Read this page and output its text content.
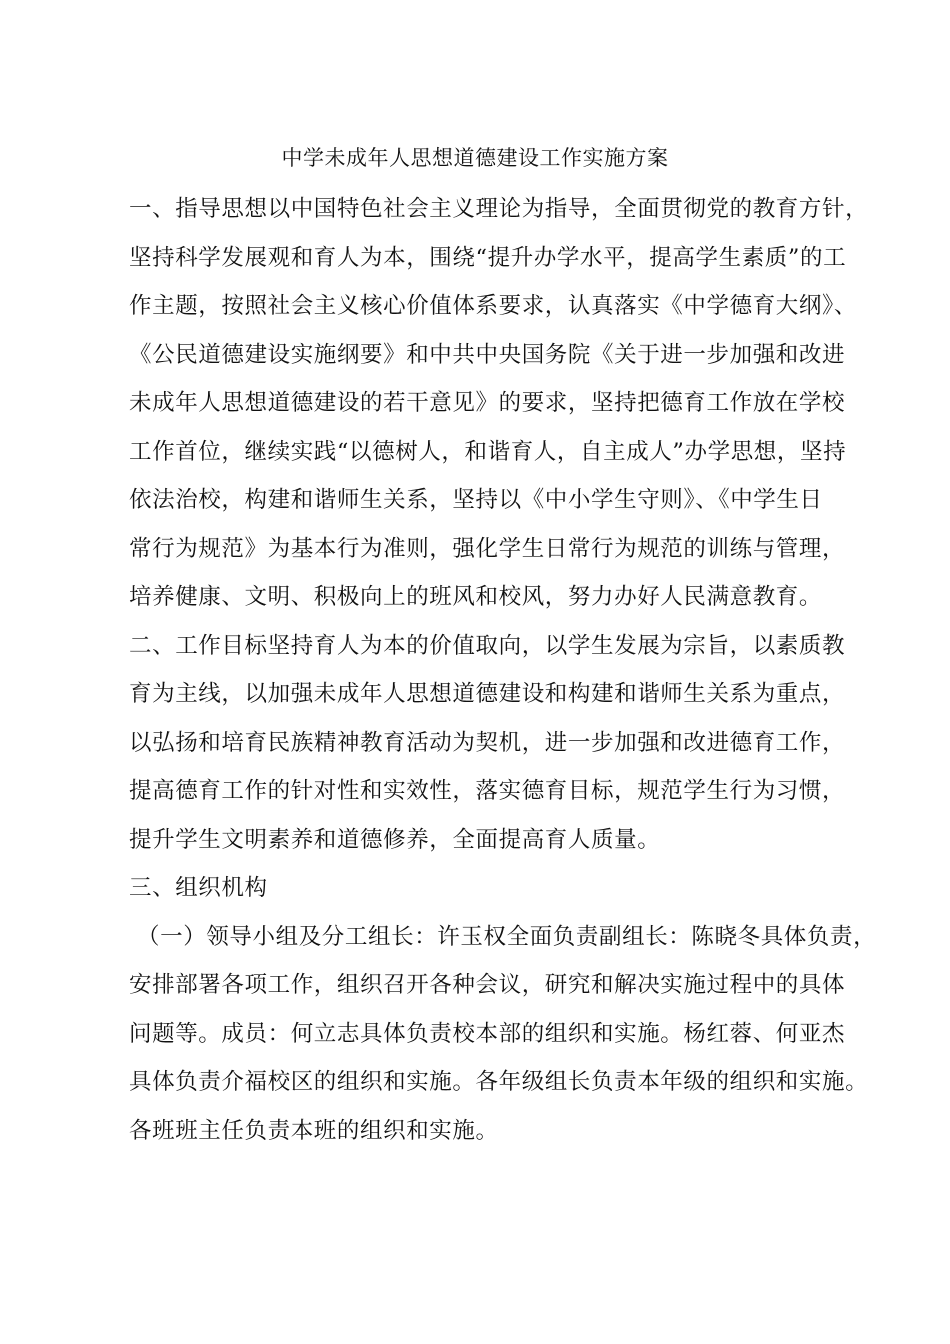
中学未成年人思想道德建设工作实施方案
一、指导思想以中国特色社会主义理论为指导，全面贯彻党的教育方针，
坚持科学发展观和育人为本，围绕“提升办学水平，提高学生素质”的工
作主题，按照社会主义核心价值体系要求，认真落实《中学德育大纲》、
《公民道德建设实施纲要》和中共中央国务院《关于进一步加强和改进
未成年人思想道德建设的若干意见》的要求，坚持把德育工作放在学校
工作首位，继续实践“以德树人，和谐育人，自主成人”办学思想，坚持
依法治校，构建和谐师生关系，坚持以《中小学生守则》、《中学生日
常行为规范》为基本行为准则，强化学生日常行为规范的训练与管理，
培养健康、文明、积极向上的班风和校风，努力办好人民满意教育。
二、工作目标坚持育人为本的价值取向，以学生发展为宗旨，以素质教
育为主线，以加强未成年人思想道德建设和构建和谐师生关系为重点，
以弘扬和培育民族精神教育活动为契机，进一步加强和改进德育工作，
提高德育工作的针对性和实效性，落实德育目标，规范学生行为习惯，
提升学生文明素养和道德修养，全面提高育人质量。
三、组织机构
（一）领导小组及分工组长：许玉权全面负责副组长：陈晓冬具体负责，
安排部署各项工作，组织召开各种会议，研究和解决实施过程中的具体
问题等。成员：何立志具体负责校本部的组织和实施。杨红蓉、何亚杰
具体负责介福校区的组织和实施。各年级组长负责本年级的组织和实施。
各班班主任负责本班的组织和实施。
